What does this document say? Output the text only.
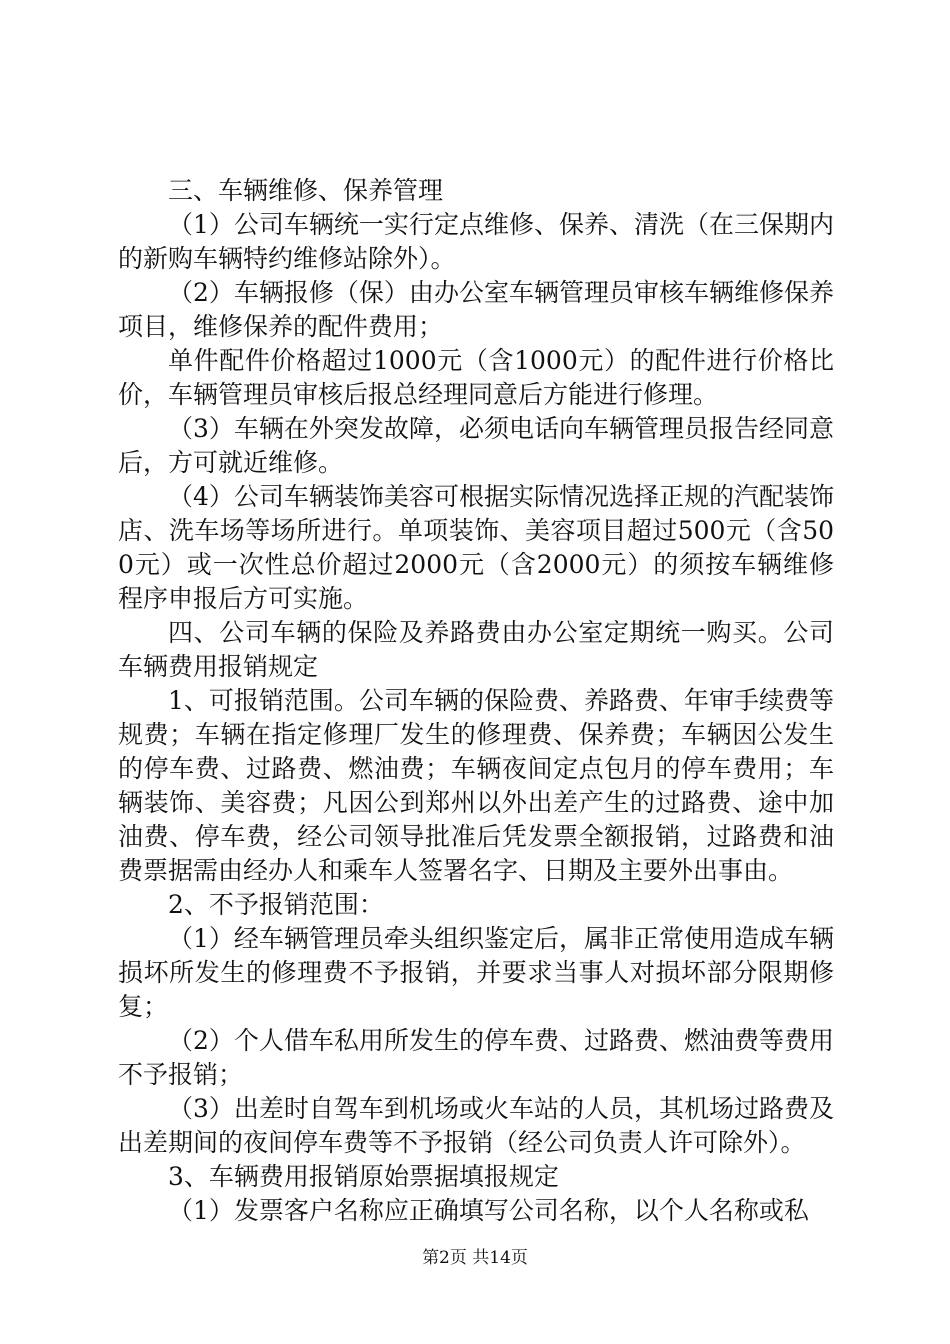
三、车辆维修、保养管理

（1）公司车辆统一实行定点维修、保养、清洗（在三保期内的新购车辆特约维修站除外）。

（2）车辆报修（保）由办公室车辆管理员审核车辆维修保养项目，维修保养的配件费用；

单件配件价格超过1000元（含1000元）的配件进行价格比价，车辆管理员审核后报总经理同意后方能进行修理。

（3）车辆在外突发故障，必须电话向车辆管理员报告经同意后，方可就近维修。

（4）公司车辆装饰美容可根据实际情况选择正规的汽配装饰店、洗车场等场所进行。单项装饰、美容项目超过500元（含500元）或一次性总价超过2000元（含2000元）的须按车辆维修程序申报后方可实施。

四、公司车辆的保险及养路费由办公室定期统一购买。公司车辆费用报销规定

1、可报销范围。公司车辆的保险费、养路费、年审手续费等规费；车辆在指定修理厂发生的修理费、保养费；车辆因公发生的停车费、过路费、燃油费；车辆夜间定点包月的停车费用；车辆装饰、美容费；凡因公到郑州以外出差产生的过路费、途中加油费、停车费，经公司领导批准后凭发票全额报销，过路费和油费票据需由经办人和乘车人签署名字、日期及主要外出事由。

2、不予报销范围：

（1）经车辆管理员牵头组织鉴定后，属非正常使用造成车辆损坏所发生的修理费不予报销，并要求当事人对损坏部分限期修复；

（2）个人借车私用所发生的停车费、过路费、燃油费等费用不予报销；

（3）出差时自驾车到机场或火车站的人员，其机场过路费及出差期间的夜间停车费等不予报销（经公司负责人许可除外）。

3、车辆费用报销原始票据填报规定

（1）发票客户名称应正确填写公司名称，以个人名称或私

第2页 共14页
